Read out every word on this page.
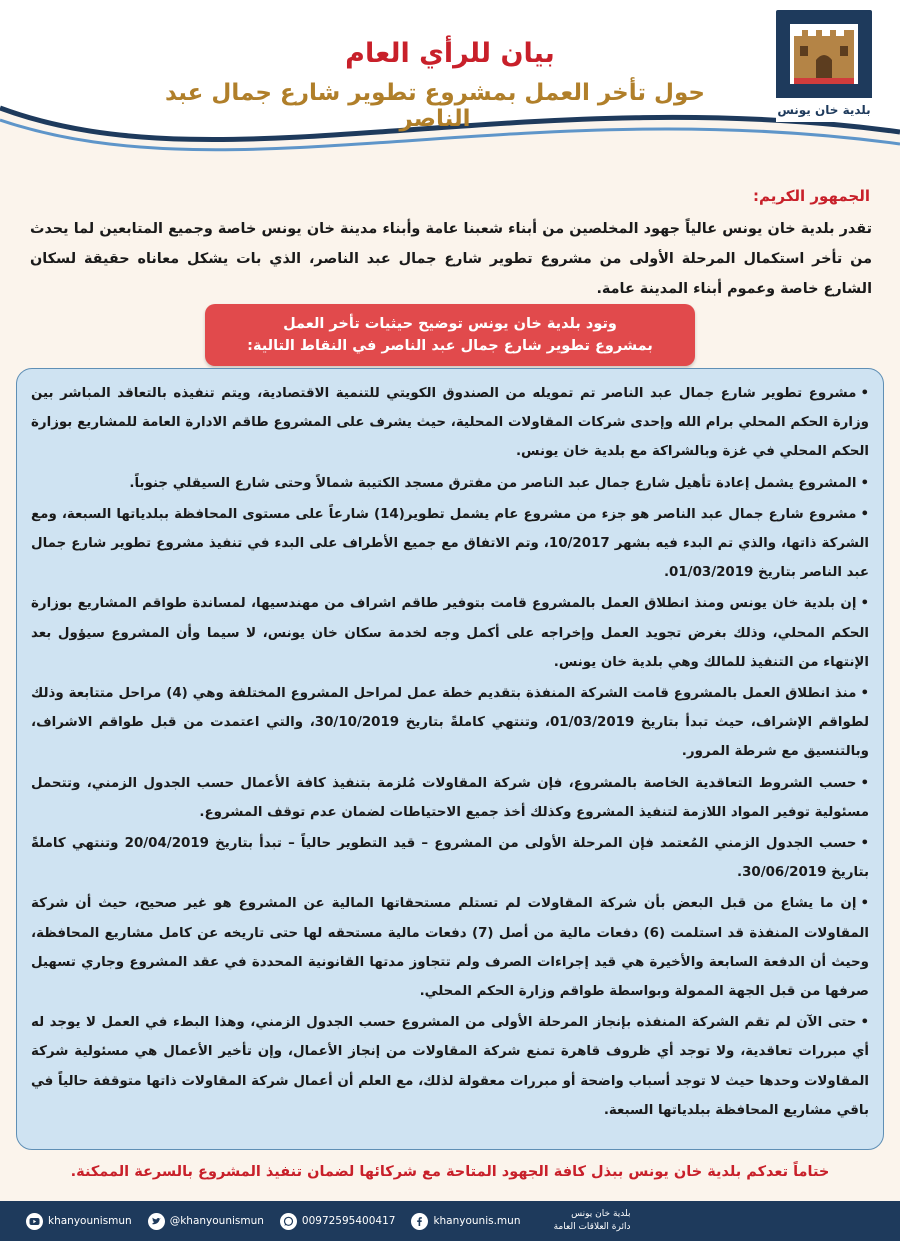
بلدية خان يونس
بيان للرأي العام
حول تأخر العمل بمشروع تطوير شارع جمال عبد الناصر
الجمهور الكريم:

تقدر بلدية خان يونس عالياً جهود المخلصين من أبناء شعبنا عامة وأبناء مدينة خان يونس خاصة وجميع المتابعين لما يحدث من تأخر استكمال المرحلة الأولى من مشروع تطوير شارع جمال عبد الناصر، الذي بات يشكل معاناه حقيقة لسكان الشارع خاصة وعموم أبناء المدينة عامة.

وتود بلدية خان يونس توضيح حيثيات تأخر العمل
بمشروع تطوير شارع جمال عبد الناصر في النقاط التالية:

•مشروع تطوير شارع جمال عبد الناصر تم تمويله من الصندوق الكويتي للتنمية الاقتصادية، ويتم تنفيذه بالتعاقد المباشر بين وزارة الحكم المحلي برام الله وإحدى شركات المقاولات المحلية، حيث يشرف على المشروع طاقم الادارة العامة للمشاريع بوزارة الحكم المحلي في غزة وبالشراكة مع بلدية خان يونس.

•المشروع يشمل إعادة تأهيل شارع جمال عبد الناصر من مفترق مسجد الكتيبة شمالاً وحتى شارع السيقلي جنوباً.

•مشروع شارع جمال عبد الناصر هو جزء من مشروع عام يشمل تطوير(14) شارعاً على مستوى المحافظة ببلدياتها السبعة، ومع الشركة ذاتها، والذي تم البدء فيه بشهر 10/2017، وتم الاتفاق مع جميع الأطراف على البدء في تنفيذ مشروع تطوير شارع جمال عبد الناصر بتاريخ 01/03/2019.

•إن بلدية خان يونس ومنذ انطلاق العمل بالمشروع قامت بتوفير طاقم اشراف من مهندسيها، لمساندة طواقم المشاريع بوزارة الحكم المحلي، وذلك بغرض تجويد العمل وإخراجه على أكمل وجه لخدمة سكان خان يونس، لا سيما وأن المشروع سيؤول بعد الإنتهاء من التنفيذ للمالك وهي بلدية خان يونس.

•منذ انطلاق العمل بالمشروع قامت الشركة المنفذة بتقديم خطة عمل لمراحل المشروع المختلفة وهي (4) مراحل متتابعة وذلك لطواقم الإشراف، حيث تبدأ بتاريخ 01/03/2019، وتنتهي كاملةً بتاريخ 30/10/2019، والتي اعتمدت من قبل طواقم الاشراف، وبالتنسيق مع شرطة المرور.

•حسب الشروط التعاقدية الخاصة بالمشروع، فإن شركة المقاولات مُلزمة بتنفيذ كافة الأعمال حسب الجدول الزمني، وتتحمل مسئولية توفير المواد اللازمة لتنفيذ المشروع وكذلك أخذ جميع الاحتياطات لضمان عدم توقف المشروع.

•حسب الجدول الزمني المُعتمد فإن المرحلة الأولى من المشروع – قيد التطوير حالياً – تبدأ بتاريخ 20/04/2019 وتنتهي كاملةً بتاريخ 30/06/2019.

•إن ما يشاع من قبل البعض بأن شركة المقاولات لم تستلم مستحقاتها المالية عن المشروع هو غير صحيح، حيث أن شركة المقاولات المنفذة قد استلمت (6) دفعات مالية من أصل (7) دفعات مالية مستحقه لها حتى تاريخه عن كامل مشاريع المحافظة، وحيث أن الدفعة السابعة والأخيرة هي قيد إجراءات الصرف ولم تتجاوز مدتها القانونية المحددة في عقد المشروع وجاري تسهيل صرفها من قبل الجهة الممولة وبواسطة طواقم وزارة الحكم المحلي.

•حتى الآن لم تقم الشركة المنفذه بإنجاز المرحلة الأولى من المشروع حسب الجدول الزمني، وهذا البطء في العمل لا يوجد له أي مبررات تعاقدية، ولا توجد أي ظروف قاهرة تمنع شركة المقاولات من إنجاز الأعمال، وإن تأخير الأعمال هي مسئولية شركة المقاولات وحدها حيث لا توجد أسباب واضحة أو مبررات معقولة لذلك، مع العلم أن أعمال شركة المقاولات ذاتها متوقفة حالياً في باقي مشاريع المحافظة ببلدياتها السبعة.

ختاماً تعدكم بلدية خان يونس ببذل كافة الجهود المتاحة مع شركائها لضمان تنفيذ المشروع بالسرعة الممكنة.
khanyounismun	@khanyounismun	00972595400417	khanyounis.mun
بلدية خان يونس
دائرة العلاقات العامة
